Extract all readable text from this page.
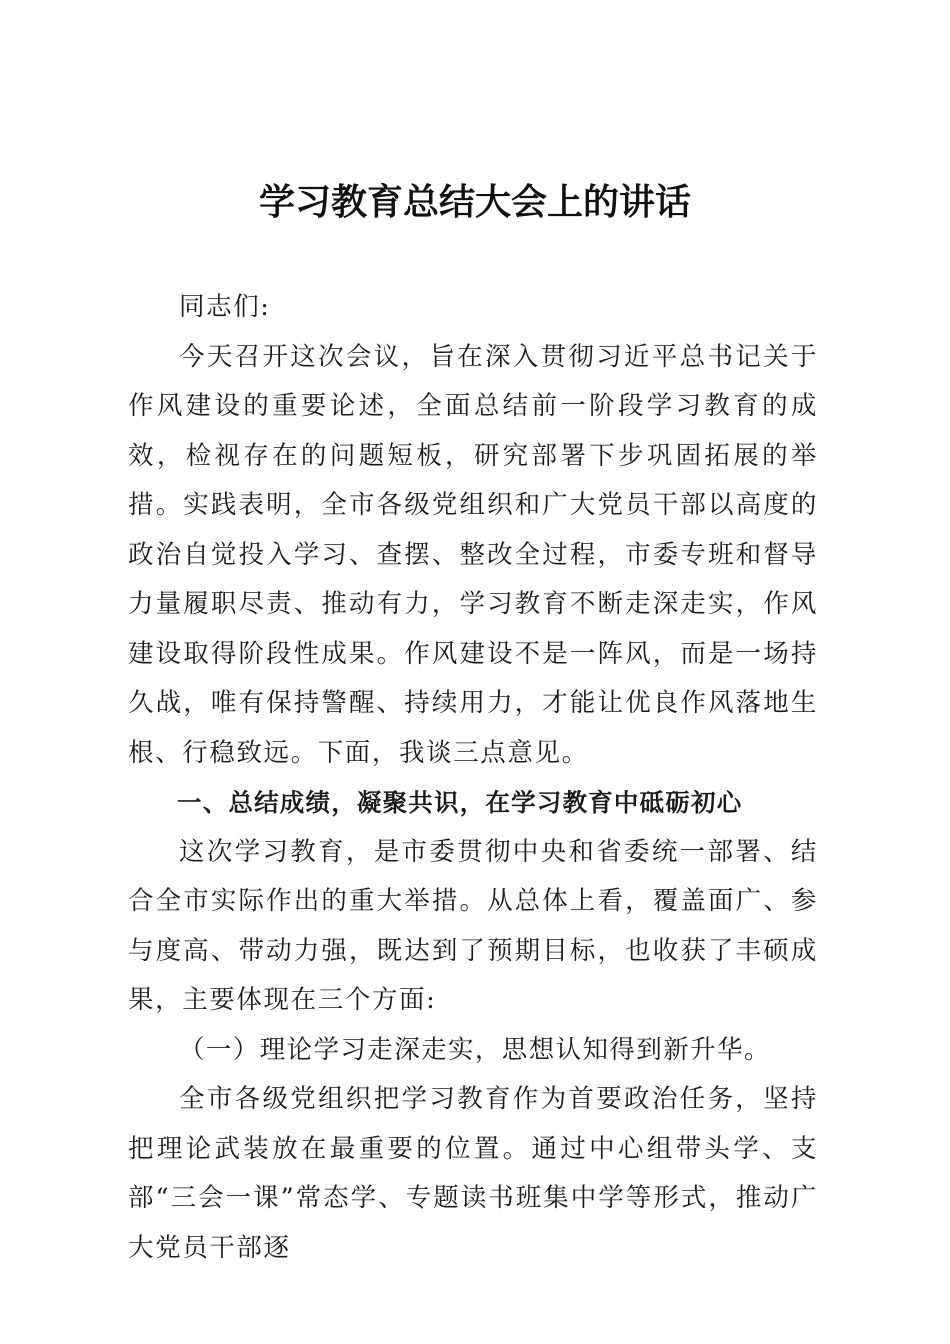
学习教育总结大会上的讲话

同志们:

今天召开这次会议，旨在深入贯彻习近平总书记关于作风建设的重要论述，全面总结前一阶段学习教育的成效，检视存在的问题短板，研究部署下步巩固拓展的举措。实践表明，全市各级党组织和广大党员干部以高度的政治自觉投入学习、查摆、整改全过程，市委专班和督导力量履职尽责、推动有力，学习教育不断走深走实，作风建设取得阶段性成果。作风建设不是一阵风，而是一场持久战，唯有保持警醒、持续用力，才能让优良作风落地生根、行稳致远。下面，我谈三点意见。

一、总结成绩，凝聚共识，在学习教育中砥砺初心

这次学习教育，是市委贯彻中央和省委统一部署、结合全市实际作出的重大举措。从总体上看，覆盖面广、参与度高、带动力强，既达到了预期目标，也收获了丰硕成果，主要体现在三个方面:

（一）理论学习走深走实，思想认知得到新升华。

全市各级党组织把学习教育作为首要政治任务，坚持把理论武装放在最重要的位置。通过中心组带头学、支部“三会一课”常态学、专题读书班集中学等形式，推动广大党员干部逐
